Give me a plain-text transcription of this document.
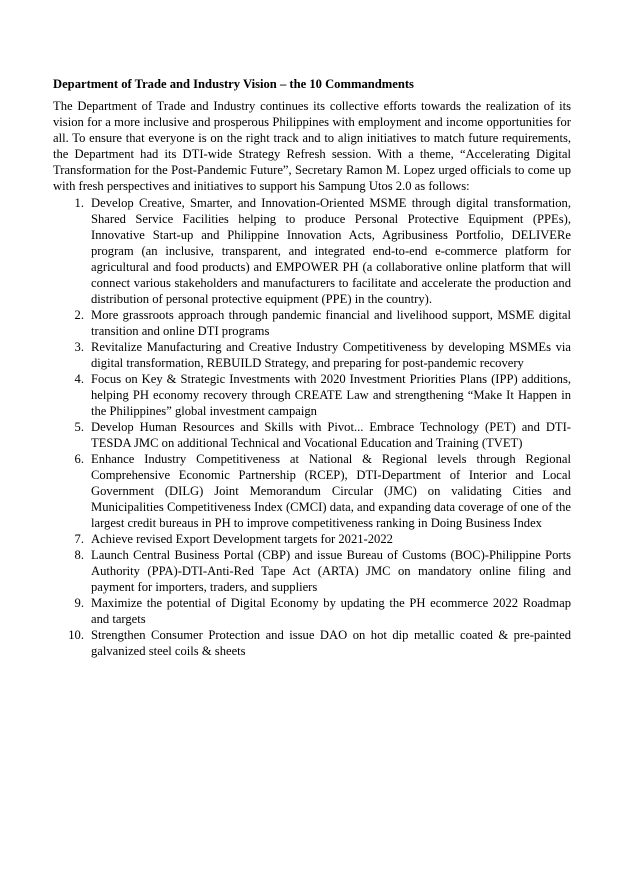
Department of Trade and Industry Vision – the 10 Commandments

The Department of Trade and Industry continues its collective efforts towards the realization of its vision for a more inclusive and prosperous Philippines with employment and income opportunities for all. To ensure that everyone is on the right track and to align initiatives to match future requirements, the Department had its DTI-wide Strategy Refresh session. With a theme, “Accelerating Digital Transformation for the Post-Pandemic Future”, Secretary Ramon M. Lopez urged officials to come up with fresh perspectives and initiatives to support his Sampung Utos 2.0 as follows:

1. Develop Creative, Smarter, and Innovation-Oriented MSME through digital transformation, Shared Service Facilities helping to produce Personal Protective Equipment (PPEs), Innovative Start-up and Philippine Innovation Acts, Agribusiness Portfolio, DELIVERe program (an inclusive, transparent, and integrated end-to-end e-commerce platform for agricultural and food products) and EMPOWER PH (a collaborative online platform that will connect various stakeholders and manufacturers to facilitate and accelerate the production and distribution of personal protective equipment (PPE) in the country).
2. More grassroots approach through pandemic financial and livelihood support, MSME digital transition and online DTI programs
3. Revitalize Manufacturing and Creative Industry Competitiveness by developing MSMEs via digital transformation, REBUILD Strategy, and preparing for post-pandemic recovery
4. Focus on Key & Strategic Investments with 2020 Investment Priorities Plans (IPP) additions, helping PH economy recovery through CREATE Law and strengthening “Make It Happen in the Philippines” global investment campaign
5. Develop Human Resources and Skills with Pivot... Embrace Technology (PET) and DTI-TESDA JMC on additional Technical and Vocational Education and Training (TVET)
6. Enhance Industry Competitiveness at National & Regional levels through Regional Comprehensive Economic Partnership (RCEP), DTI-Department of Interior and Local Government (DILG) Joint Memorandum Circular (JMC) on validating Cities and Municipalities Competitiveness Index (CMCI) data, and expanding data coverage of one of the largest credit bureaus in PH to improve competitiveness ranking in Doing Business Index
7. Achieve revised Export Development targets for 2021-2022
8. Launch Central Business Portal (CBP) and issue Bureau of Customs (BOC)-Philippine Ports Authority (PPA)-DTI-Anti-Red Tape Act (ARTA) JMC on mandatory online filing and payment for importers, traders, and suppliers
9. Maximize the potential of Digital Economy by updating the PH ecommerce 2022 Roadmap and targets
10. Strengthen Consumer Protection and issue DAO on hot dip metallic coated & pre-painted galvanized steel coils & sheets
